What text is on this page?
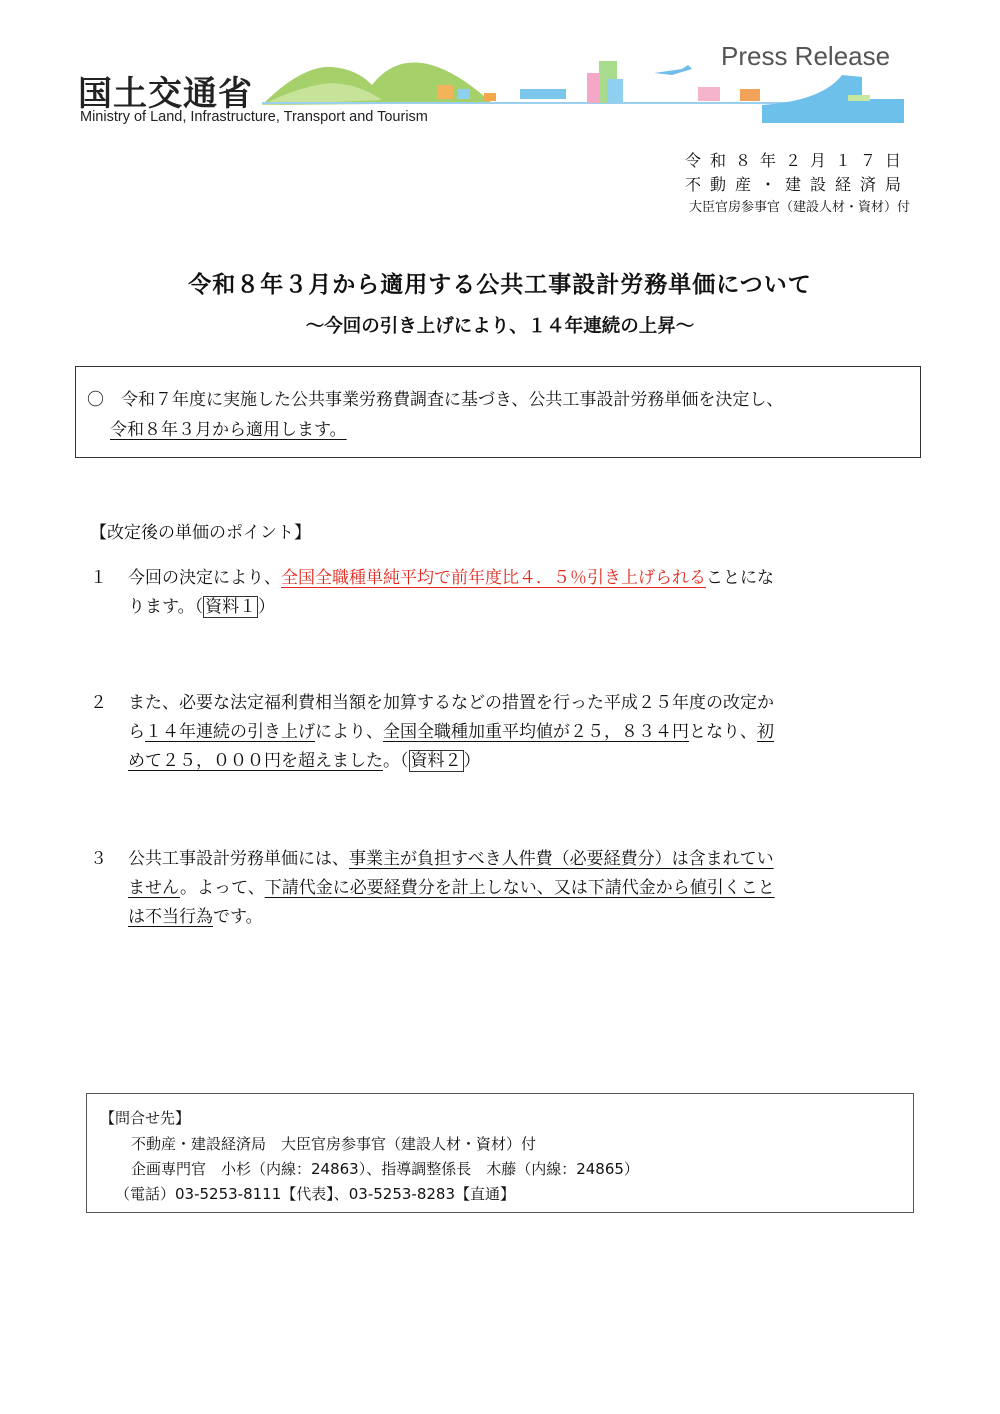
国土交通省
Ministry of Land, Infrastructure, Transport and Tourism
Press Release
令和８年２月１７日
不動産・建設経済局
大臣官房参事官（建設人材・資材）付
令和８年３月から適用する公共工事設計労務単価について
～今回の引き上げにより、１４年連続の上昇～
〇　令和７年度に実施した公共事業労務費調査に基づき、公共工事設計労務単価を決定し、
令和８年３月から適用します。
【改定後の単価のポイント】
１ 今回の決定により、全国全職種単純平均で前年度比４．５％引き上げられることにな
ります。（ 資料１ ）
２ また、必要な法定福利費相当額を加算するなどの措置を行った平成２５年度の改定か
ら１４年連続の引き上げにより、全国全職種加重平均値が２５，８３４円となり、初
めて２５，０００円を超えました。（ 資料２ ）
３ 公共工事設計労務単価には、事業主が負担すべき人件費（必要経費分）は含まれてい
ません。よって、下請代金に必要経費分を計上しない、又は下請代金から値引くこと
は不当行為です。
【問合せ先】
不動産・建設経済局　大臣官房参事官（建設人材・資材）付
企画専門官　小杉（内線：24863）、指導調整係長　木藤（内線：24865）
（電話）03-5253-8111【代表】、03-5253-8283【直通】
